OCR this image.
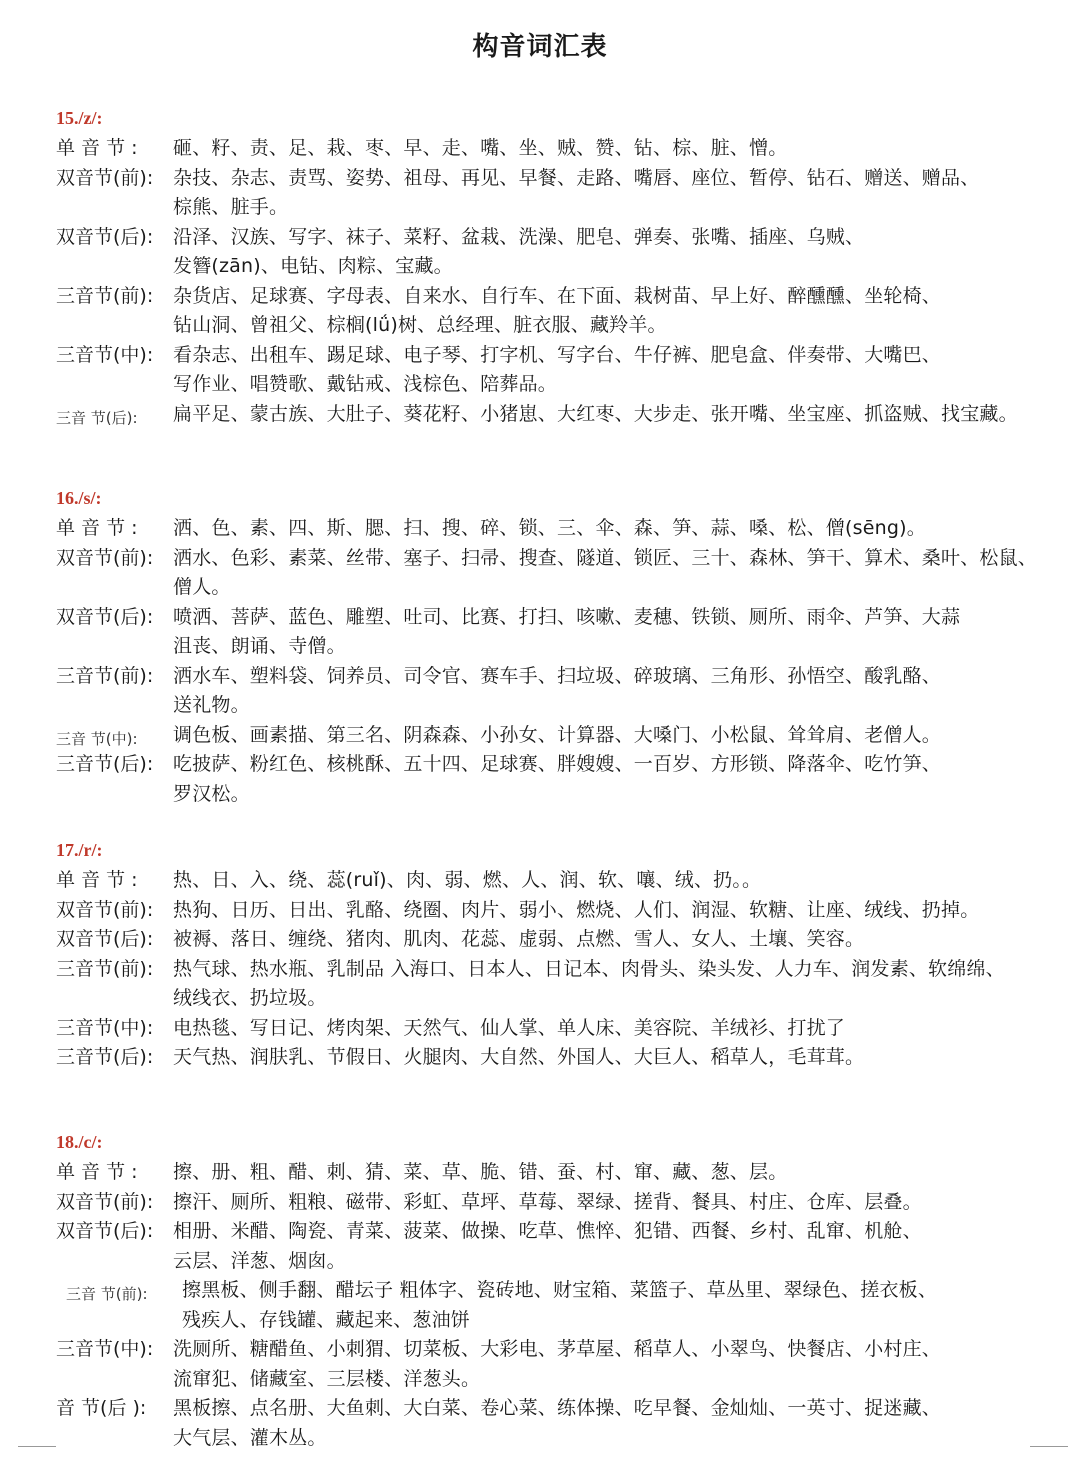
构音词汇表
15./z/:
单 音 节 : 砸、籽、责、足、栽、枣、早、走、嘴、坐、贼、赞、钻、棕、脏、憎。
双音节(前): 杂技、杂志、责骂、姿势、祖母、再见、早餐、走路、嘴唇、座位、暂停、钻石、赠送、赠品、
棕熊、脏手。
双音节(后): 沿泽、汉族、写字、袜子、菜籽、盆栽、洗澡、肥皂、弹奏、张嘴、插座、乌贼、
发簪(zān)、电钻、肉粽、宝藏。
三音节(前): 杂货店、足球赛、字母表、自来水、自行车、在下面、栽树苗、早上好、醉醺醺、坐轮椅、
钻山洞、曾祖父、棕榈(lǘ)树、总经理、脏衣服、藏羚羊。
三音节(中): 看杂志、出租车、踢足球、电子琴、打字机、写字台、牛仔裤、肥皂盒、伴奏带、大嘴巴、
写作业、唱赞歌、戴钻戒、浅棕色、陪葬品。
三音 节(后): 扁平足、蒙古族、大肚子、葵花籽、小猪崽、大红枣、大步走、张开嘴、坐宝座、抓盗贼、找宝藏。
16./s/:
单 音 节 : 洒、色、素、四、斯、腮、扫、搜、碎、锁、三、伞、森、笋、蒜、嗓、松、僧(sēng)。
双音节(前): 洒水、色彩、素菜、丝带、塞子、扫帚、搜查、隧道、锁匠、三十、森林、笋干、算术、桑叶、松鼠、
僧人。
双音节(后): 喷洒、菩萨、蓝色、雕塑、吐司、比赛、打扫、咳嗽、麦穗、铁锁、厕所、雨伞、芦笋、大蒜
沮丧、朗诵、寺僧。
三音节(前): 洒水车、塑料袋、饲养员、司令官、赛车手、扫垃圾、碎玻璃、三角形、孙悟空、酸乳酪、
送礼物。
三音 节(中): 调色板、画素描、第三名、阴森森、小孙女、计算器、大嗓门、小松鼠、耸耸肩、老僧人。
三音节(后): 吃披萨、粉红色、核桃酥、五十四、足球赛、胖嫂嫂、一百岁、方形锁、降落伞、吃竹笋、
罗汉松。
17./r/:
单 音 节 : 热、日、入、绕、蕊(ruǐ)、肉、弱、燃、人、润、软、嚷、绒、扔。。
双音节(前): 热狗、日历、日出、乳酪、绕圈、肉片、弱小、燃烧、人们、润湿、软糖、让座、绒线、扔掉。
双音节(后): 被褥、落日、缠绕、猪肉、肌肉、花蕊、虚弱、点燃、雪人、女人、土壤、笑容。
三音节(前): 热气球、热水瓶、乳制品 入海口、日本人、日记本、肉骨头、染头发、人力车、润发素、软绵绵、
绒线衣、扔垃圾。
三音节(中): 电热毯、写日记、烤肉架、天然气、仙人掌、单人床、美容院、羊绒衫、打扰了
三音节(后): 天气热、润肤乳、节假日、火腿肉、大自然、外国人、大巨人、稻草人，毛茸茸。
18./c/:
单 音 节 : 擦、册、粗、醋、刺、猜、菜、草、脆、错、蚕、村、窜、藏、葱、层。
双音节(前): 擦汗、厕所、粗粮、磁带、彩虹、草坪、草莓、翠绿、搓背、餐具、村庄、仓库、层叠。
双音节(后): 相册、米醋、陶瓷、青菜、菠菜、做操、吃草、憔悴、犯错、西餐、乡村、乱窜、机舱、
云层、洋葱、烟囱。
三音 节(前): 擦黑板、侧手翻、醋坛子 粗体字、瓷砖地、财宝箱、菜篮子、草丛里、翠绿色、搓衣板、
残疾人、存钱罐、藏起来、葱油饼
三音节(中): 洗厕所、糖醋鱼、小刺猬、切菜板、大彩电、茅草屋、稻草人、小翠鸟、快餐店、小村庄、
流窜犯、储藏室、三层楼、洋葱头。
音 节(后 ): 黑板擦、点名册、大鱼刺、大白菜、卷心菜、练体操、吃早餐、金灿灿、一英寸、捉迷藏、
大气层、灌木丛。
